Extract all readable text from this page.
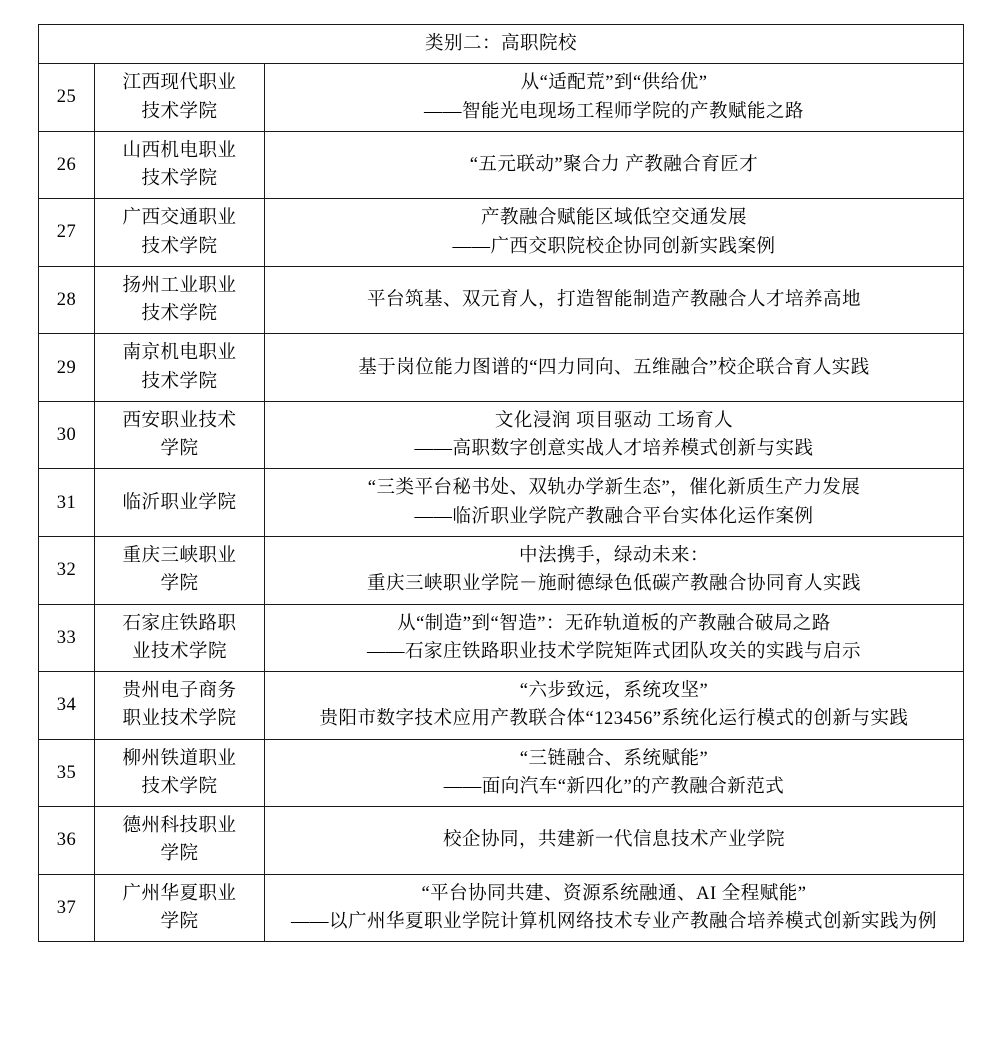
类别二：高职院校		
25	江西现代职业
技术学院	从“适配荒”到“供给优”
——智能光电现场工程师学院的产教赋能之路

26	山西机电职业
技术学院	“五元联动”聚合力 产教融合育匠才

27	广西交通职业
技术学院	产教融合赋能区域低空交通发展
——广西交职院校企协同创新实践案例

28	扬州工业职业
技术学院	平台筑基、双元育人，打造智能制造产教融合人才培养高地

29	南京机电职业
技术学院	基于岗位能力图谱的“四力同向、五维融合”校企联合育人实践

30	西安职业技术
学院	文化浸润 项目驱动 工场育人
——高职数字创意实战人才培养模式创新与实践

31	临沂职业学院	“三类平台秘书处、双轨办学新生态”，催化新质生产力发展
——临沂职业学院产教融合平台实体化运作案例

32	重庆三峡职业
学院	中法携手，绿动未来：
重庆三峡职业学院－施耐德绿色低碳产教融合协同育人实践

33	石家庄铁路职
业技术学院	从“制造”到“智造”：无砟轨道板的产教融合破局之路
——石家庄铁路职业技术学院矩阵式团队攻关的实践与启示

34	贵州电子商务
职业技术学院	“六步致远，系统攻坚”
贵阳市数字技术应用产教联合体“123456”系统化运行模式的创新与实践

35	柳州铁道职业
技术学院	“三链融合、系统赋能”
——面向汽车“新四化”的产教融合新范式

36	德州科技职业
学院	校企协同，共建新一代信息技术产业学院

37	广州华夏职业
学院	“平台协同共建、资源系统融通、AI 全程赋能”
——以广州华夏职业学院计算机网络技术专业产教融合培养模式创新实践为例
